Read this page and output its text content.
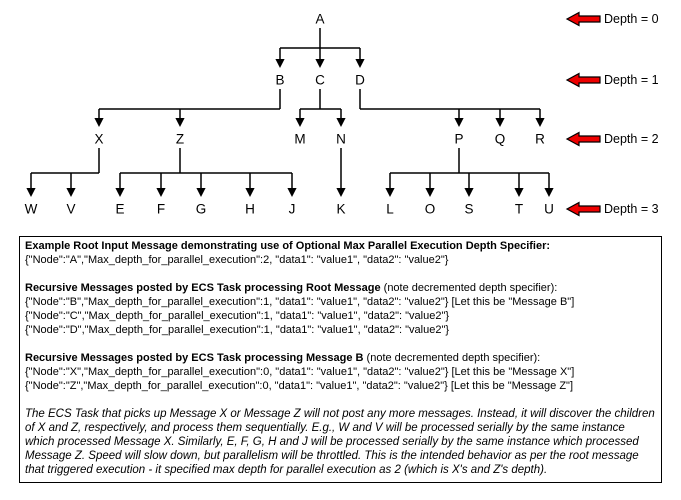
A
B C D
X	Z	M N	P Q R
W V	E F G	H	J	K	L O S	T U
Depth = 0
Depth = 1
Depth = 2
Depth = 3

Example Root Input Message demonstrating use of Optional Max Parallel Execution Depth Specifier:

{"Node":"A","Max_depth_for_parallel_execution":2, "data1": "value1", "data2": "value2"}

Recursive Messages posted by ECS Task processing Root Message (note decremented depth specifier):

{"Node":"B","Max_depth_for_parallel_execution":1, "data1": "value1", "data2": "value2"} [Let this be "Message B"]

{"Node":"C","Max_depth_for_parallel_execution":1, "data1": "value1", "data2": "value2"}

{"Node":"D","Max_depth_for_parallel_execution":1, "data1": "value1", "data2": "value2"}

Recursive Messages posted by ECS Task processing Message B (note decremented depth specifier):

{"Node":"X","Max_depth_for_parallel_execution":0, "data1": "value1", "data2": "value2"} [Let this be "Message X"]

{"Node":"Z","Max_depth_for_parallel_execution":0, "data1": "value1", "data2": "value2"} [Let this be "Message Z"]

The ECS Task that picks up Message X or Message Z will not post any more messages. Instead, it will discover the children of X and Z, respectively, and process them sequentially. E.g., W and V will be processed serially by the same instance which processed Message X. Similarly, E, F, G, H and J will be processed serially by the same instance which processed Message Z. Speed will slow down, but parallelism will be throttled. This is the intended behavior as per the root message that triggered execution - it specified max depth for parallel execution as 2 (which is X's and Z's depth).
